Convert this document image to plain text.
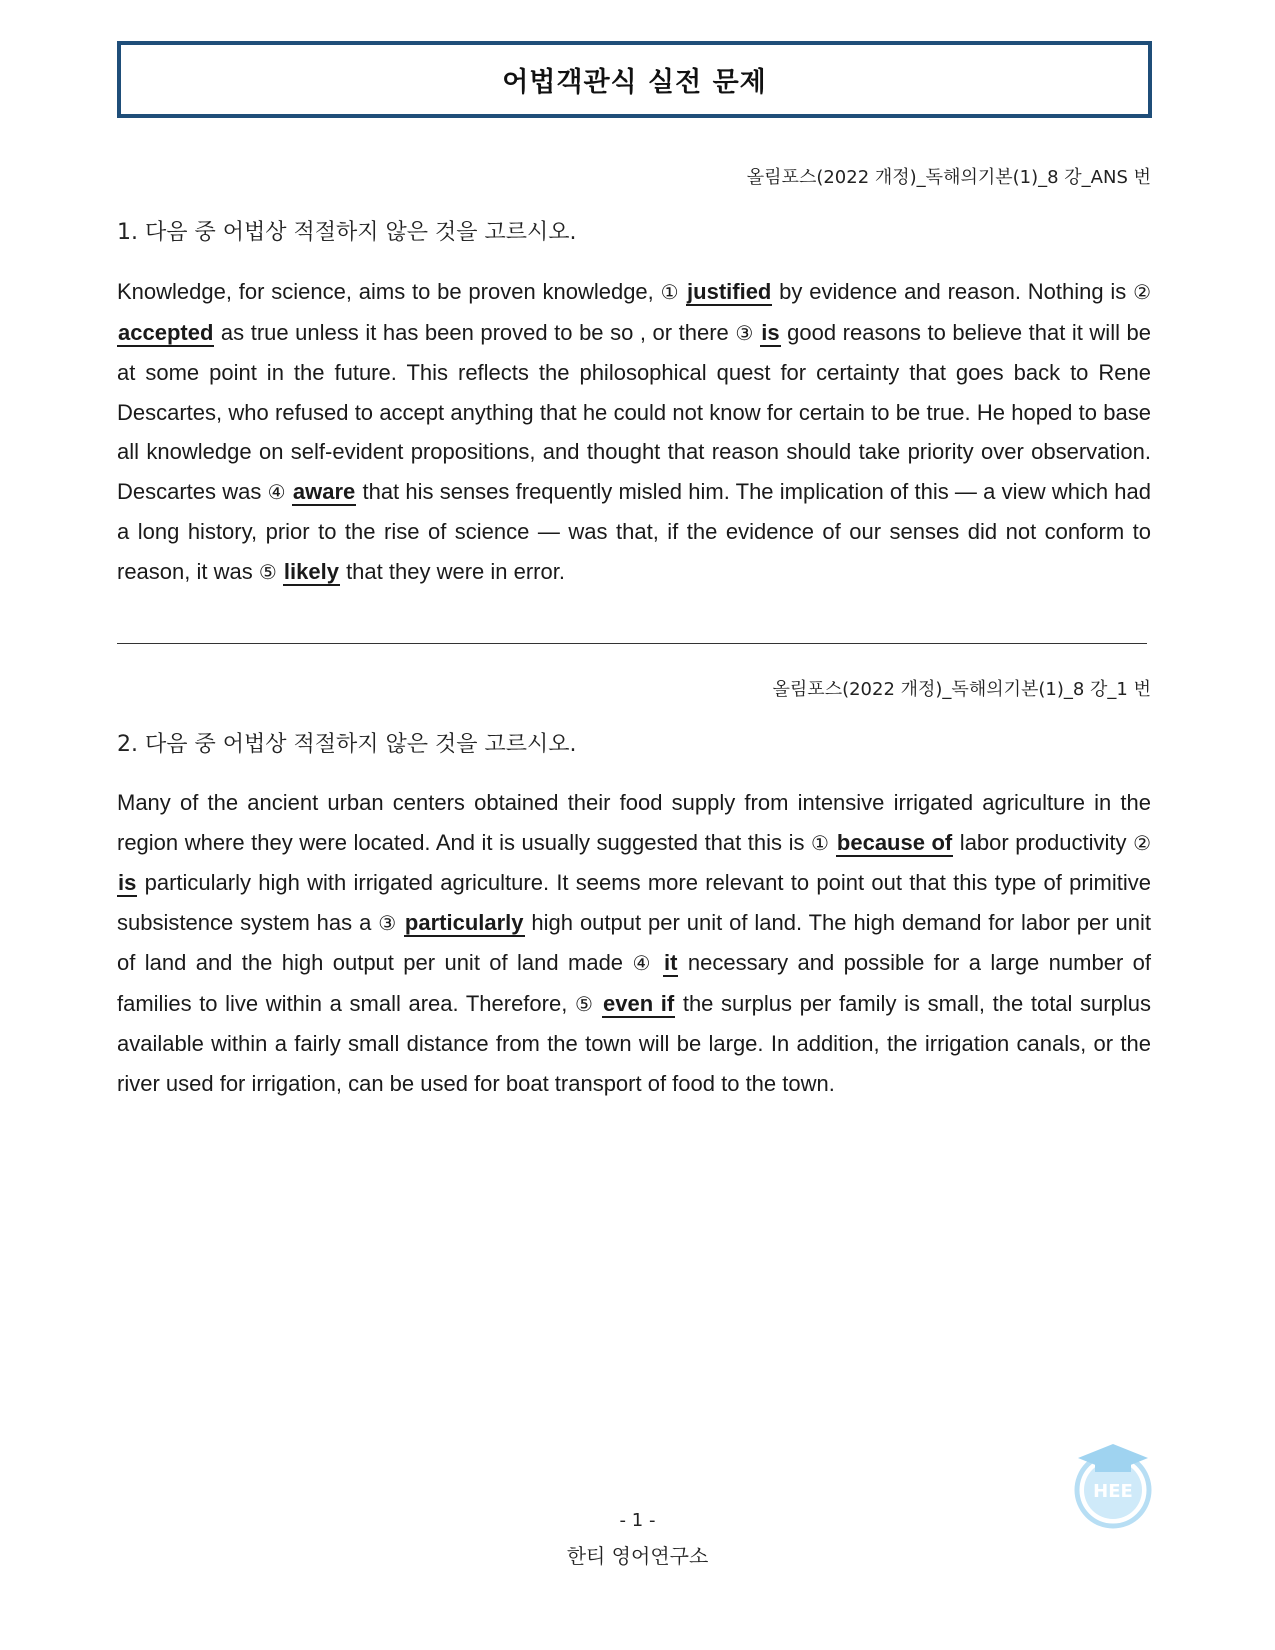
어법객관식 실전 문제
올림포스(2022 개정)_독해의기본(1)_8 강_ANS 번
1. 다음 중 어법상 적절하지 않은 것을 고르시오.

Knowledge, for science, aims to be proven knowledge, ① justified by evidence and reason. Nothing is ② accepted as true unless it has been proved to be so , or there ③ is good reasons to believe that it will be at some point in the future. This reflects the philosophical quest for certainty that goes back to Rene Descartes, who refused to accept anything that he could not know for certain to be true. He hoped to base all knowledge on self-evident propositions, and thought that reason should take priority over observation. Descartes was ④ aware that his senses frequently misled him. The implication of this — a view which had a long history, prior to the rise of science — was that, if the evidence of our senses did not conform to reason, it was ⑤ likely that they were in error.

올림포스(2022 개정)_독해의기본(1)_8 강_1 번
2. 다음 중 어법상 적절하지 않은 것을 고르시오.

Many of the ancient urban centers obtained their food supply from intensive irrigated agriculture in the region where they were located. And it is usually suggested that this is ① because of labor productivity ② is particularly high with irrigated agriculture. It seems more relevant to point out that this type of primitive subsistence system has a ③ particularly high output per unit of land. The high demand for labor per unit of land and the high output per unit of land made ④ it necessary and possible for a large number of families to live within a small area. Therefore, ⑤ even if the surplus per family is small, the total surplus available within a fairly small distance from the town will be large. In addition, the irrigation canals, or the river used for irrigation, can be used for boat transport of food to the town.

HEE
- 1 -
한티 영어연구소
